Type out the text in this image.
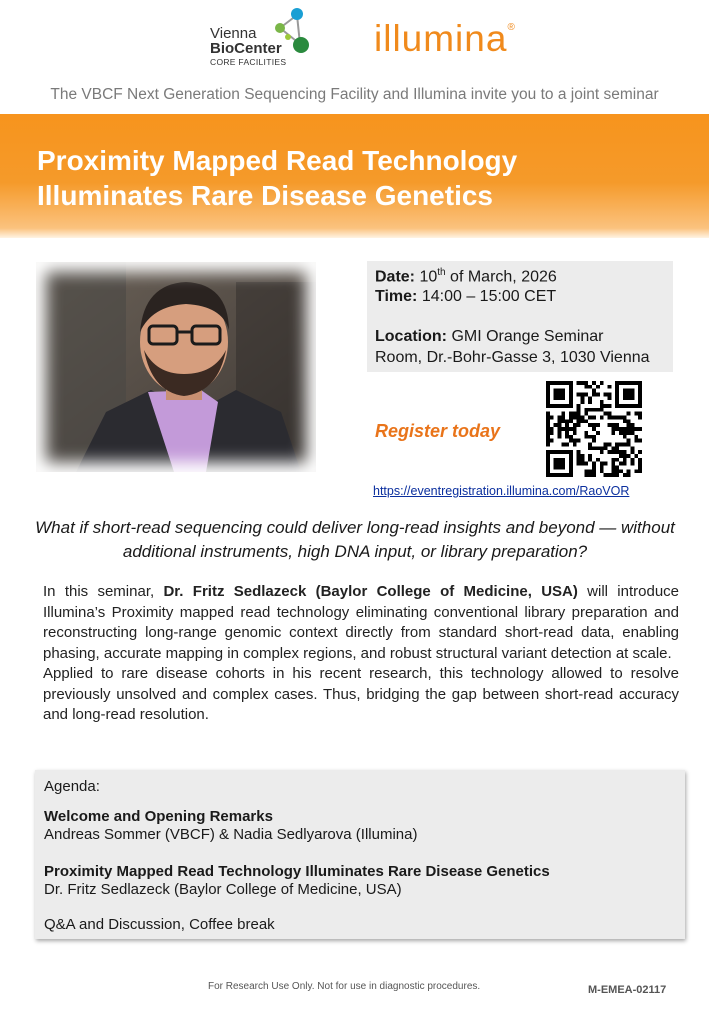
Vienna
BioCenter
CORE FACILITIES
illumina®
The VBCF Next Generation Sequencing Facility and Illumina invite you to a joint seminar
Proximity Mapped Read Technology
Illuminates Rare Disease Genetics
Date: 10th of March, 2026
Time: 14:00 – 15:00 CET
Location: GMI Orange Seminar
Room, Dr.-Bohr-Gasse 3, 1030 Vienna
Register today
https://eventregistration.illumina.com/RaoVOR
What if short-read sequencing could deliver long-read insights and beyond — without additional instruments, high DNA input, or library preparation?

In this seminar, Dr. Fritz Sedlazeck (Baylor College of Medicine, USA) will introduce Illumina’s Proximity mapped read technology eliminating conventional library preparation and reconstructing long-range genomic context directly from standard short-read data, enabling phasing, accurate mapping in complex regions, and robust structural variant detection at scale.

Applied to rare disease cohorts in his recent research, this technology allowed to resolve previously unsolved and complex cases. Thus, bridging the gap between short-read accuracy and long-read resolution.

Agenda:
Welcome and Opening Remarks
Andreas Sommer (VBCF) & Nadia Sedlyarova (Illumina)
Proximity Mapped Read Technology Illuminates Rare Disease Genetics
Dr. Fritz Sedlazeck (Baylor College of Medicine, USA)
Q&A and Discussion, Coffee break
For Research Use Only. Not for use in diagnostic procedures.	M-EMEA-02117
